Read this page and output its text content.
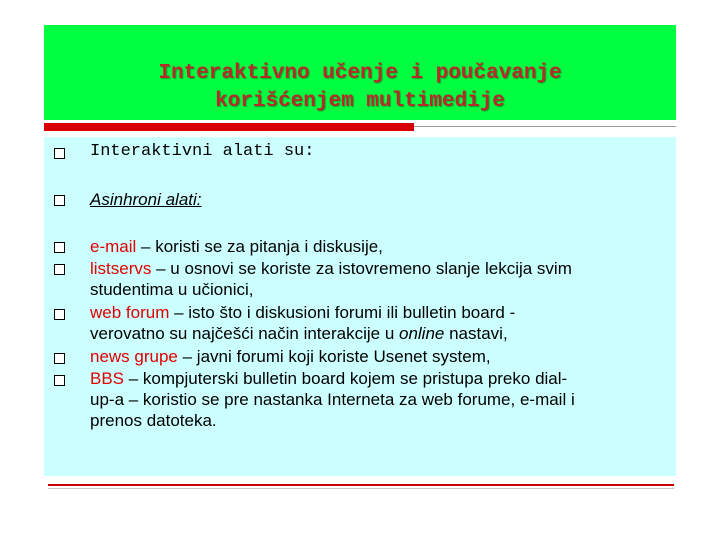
Interaktivno učenje i poučavanje
korišćenjem multimedije
Interaktivni alati su:
Asinhroni alati:
e-mail – koristi se za pitanja i diskusije,
listservs – u osnovi se koriste za istovremeno slanje lekcija svim
studentima u učionici,
web forum – isto što i diskusioni forumi ili bulletin board -
verovatno su najčešći način interakcije u online nastavi,
news grupe – javni forumi koji koriste Usenet system,
BBS – kompjuterski bulletin board kojem se pristupa preko dial-
up-a – koristio se pre nastanka Interneta za web forume, e-mail i
prenos datoteka.
